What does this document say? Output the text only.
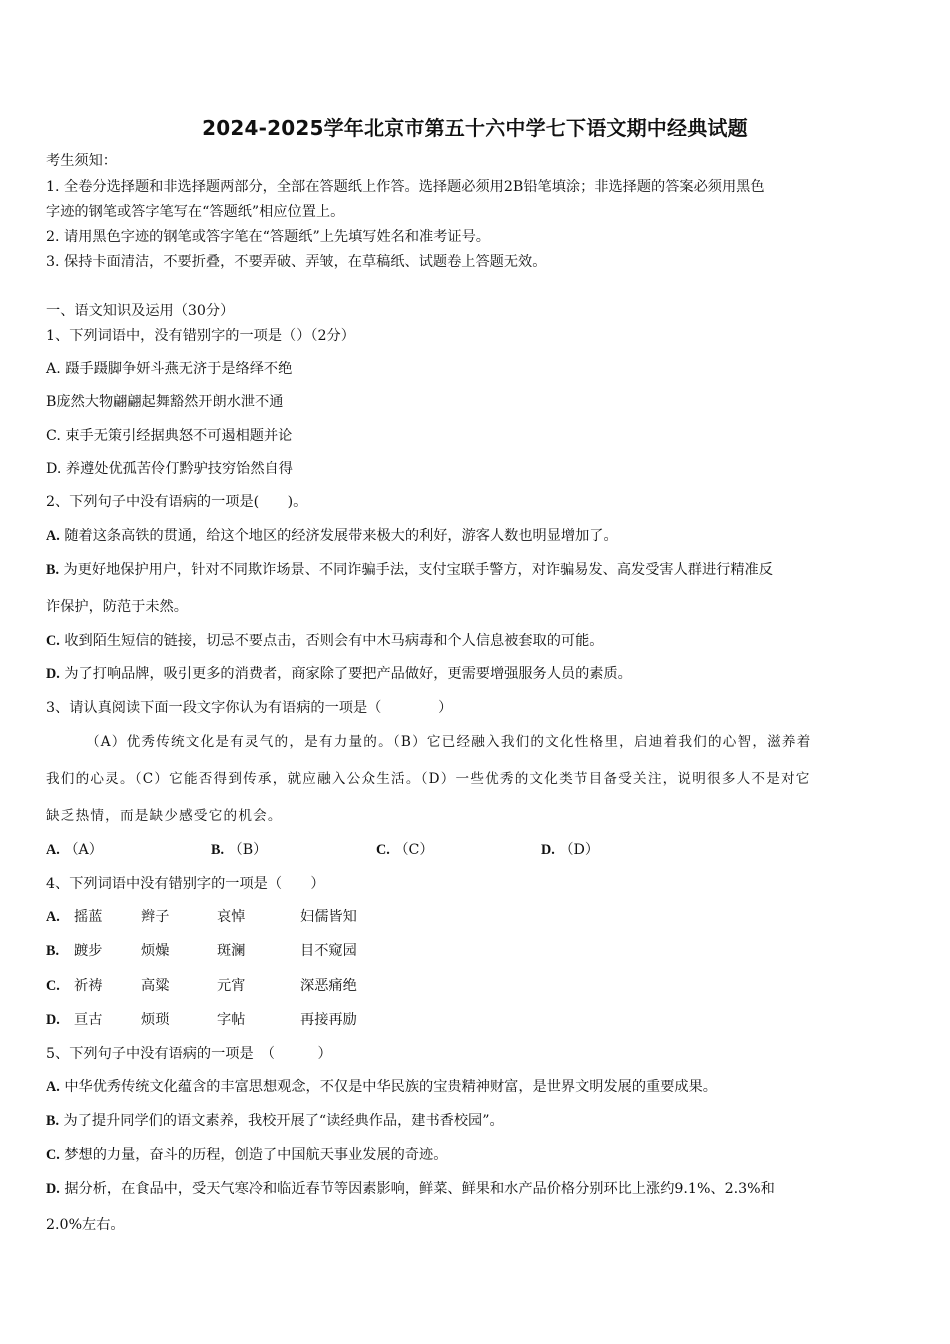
2024-2025学年北京市第五十六中学七下语文期中经典试题
考生须知：
1. 全卷分选择题和非选择题两部分，全部在答题纸上作答。选择题必须用2B铅笔填涂；非选择题的答案必须用黑色
字迹的钢笔或答字笔写在“答题纸”相应位置上。
2. 请用黑色字迹的钢笔或答字笔在“答题纸”上先填写姓名和准考证号。
3. 保持卡面清洁，不要折叠，不要弄破、弄皱，在草稿纸、试题卷上答题无效。
一、语文知识及运用（30分）
1、下列词语中，没有错别字的一项是（）（2分）
A. 蹑手蹑脚争妍斗燕无济于是络绎不绝
B庞然大物翩翩起舞豁然开朗水泄不通
C. 束手无策引经据典怒不可遏相题并论
D. 养遵处优孤苦伶仃黔驴技穷饴然自得
2、下列句子中没有语病的一项是(　　)。
A. 随着这条高铁的贯通，给这个地区的经济发展带来极大的利好，游客人数也明显增加了。
B. 为更好地保护用户，针对不同欺诈场景、不同诈骗手法，支付宝联手警方，对诈骗易发、高发受害人群进行精准反
诈保护，防范于未然。
C. 收到陌生短信的链接，切忌不要点击，否则会有中木马病毒和个人信息被套取的可能。
D. 为了打响品牌，吸引更多的消费者，商家除了要把产品做好，更需要增强服务人员的素质。
3、请认真阅读下面一段文字你认为有语病的一项是（　　　　）
（A）优秀传统文化是有灵气的，是有力量的。（B）它已经融入我们的文化性格里，启迪着我们的心智，滋养着
我们的心灵。（C）它能否得到传承，就应融入公众生活。（D）一些优秀的文化类节目备受关注，说明很多人不是对它
缺乏热情，而是缺少感受它的机会。
A. （A）	B. （B）	C. （C）	D. （D）
4、下列词语中没有错别字的一项是（　　）
A. 摇蓝	辫子	哀悼	妇儒皆知
B. 踱步	烦燥	斑澜	目不窥园
C. 祈祷	高粱	元宵	深恶痛绝
D. 亘古	烦琐	字帖	再接再励
5、下列句子中没有语病的一项是　（　　　）
A. 中华优秀传统文化蕴含的丰富思想观念，不仅是中华民族的宝贵精神财富，是世界文明发展的重要成果。
B. 为了提升同学们的语文素养，我校开展了“读经典作品，建书香校园”。
C. 梦想的力量，奋斗的历程，创造了中国航天事业发展的奇迹。
D. 据分析，在食品中，受天气寒冷和临近春节等因素影响，鲜菜、鲜果和水产品价格分别环比上涨约9.1%、2.3%和
2.0%左右。
